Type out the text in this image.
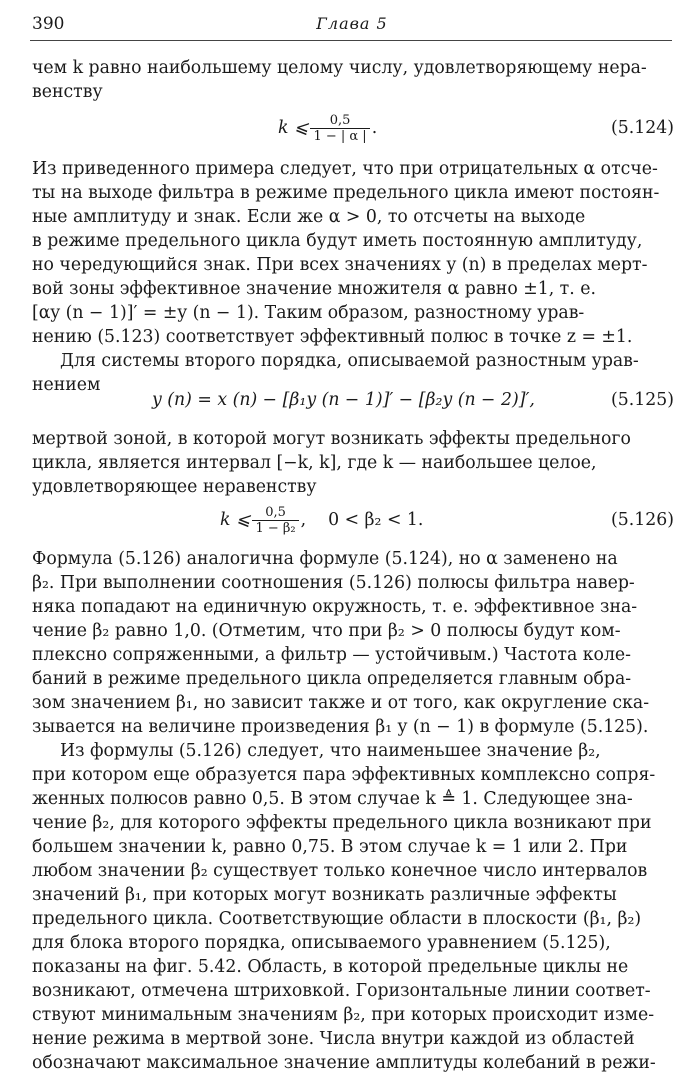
390	Глава 5
чем k равно наибольшему целому числу, удовлетворяющему нера-
венству
k ⩽ $\frac{0,5}{1 - | \alpha |}$ .	(5.124)
Из приведенного примера следует, что при отрицательных α отсче-
ты на выходе фильтра в режиме предельного цикла имеют постоян-
ные амплитуду и знак. Если же α > 0, то отсчеты на выходе
в режиме предельного цикла будут иметь постоянную амплитуду,
но чередующийся знак. При всех значениях y (n) в пределах мерт-
вой зоны эффективное значение множителя α равно ±1, т. е.
[αy (n − 1)]′ = ±y (n − 1). Таким образом, разностному урав-
нению (5.123) соответствует эффективный полюс в точке z = ±1.
Для системы второго порядка, описываемой разностным урав-
нением
y (n) = x (n) − [β₁y (n − 1)]′ − [β₂y (n − 2)]′,	(5.125)
мертвой зоной, в которой могут возникать эффекты предельного
цикла, является интервал [−k, k], где k — наибольшее целое,
удовлетворяющее неравенству
k ⩽ $\frac{0,5}{\text{1 − β₂}}$ ,    0 < β₂ < 1.	(5.126)
Формула (5.126) аналогична формуле (5.124), но α заменено на
β₂. При выполнении соотношения (5.126) полюсы фильтра навер-
няка попадают на единичную окружность, т. е. эффективное зна-
чение β₂ равно 1,0. (Отметим, что при β₂ > 0 полюсы будут ком-
плексно сопряженными, а фильтр — устойчивым.) Частота коле-
баний в режиме предельного цикла определяется главным обра-
зом значением β₁, но зависит также и от того, как округление ска-
зывается на величине произведения β₁ y (n − 1) в формуле (5.125).
Из формулы (5.126) следует, что наименьшее значение β₂,
при котором еще образуется пара эффективных комплексно сопря-
женных полюсов равно 0,5. В этом случае k ≜ 1. Следующее зна-
чение β₂, для которого эффекты предельного цикла возникают при
большем значении k, равно 0,75. В этом случае k = 1 или 2. При
любом значении β₂ существует только конечное число интервалов
значений β₁, при которых могут возникать различные эффекты
предельного цикла. Соответствующие области в плоскости (β₁, β₂)
для блока второго порядка, описываемого уравнением (5.125),
показаны на фиг. 5.42. Область, в которой предельные циклы не
возникают, отмечена штриховкой. Горизонтальные линии соответ-
ствуют минимальным значениям β₂, при которых происходит изме-
нение режима в мертвой зоне. Числа внутри каждой из областей
обозначают максимальное значение амплитуды колебаний в режи-
